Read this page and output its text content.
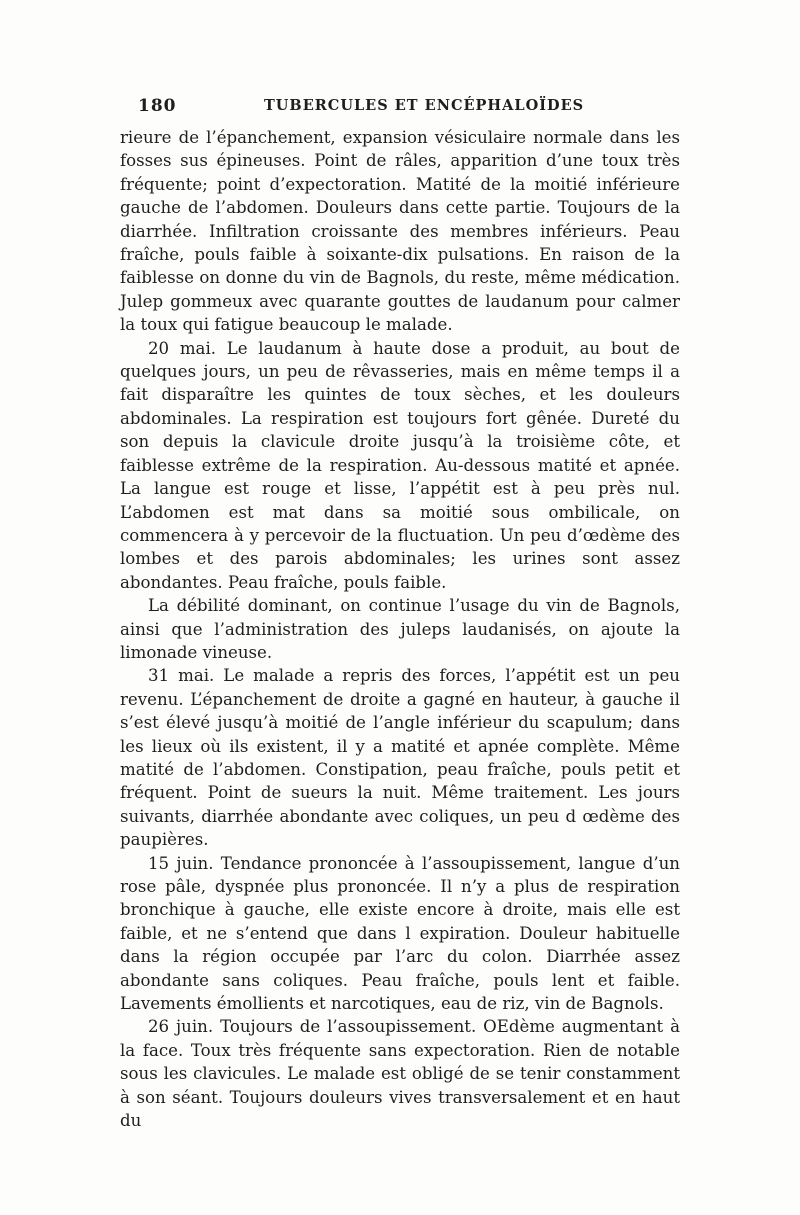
180	TUBERCULES ET ENCÉPHALOÏDES

rieure de l’épanchement, expansion vésiculaire normale dans les fosses sus épineuses. Point de râles, apparition d’une toux très fréquente; point d’expectoration. Matité de la moitié inférieure gauche de l’abdomen. Douleurs dans cette partie. Toujours de la diarrhée. Infiltration croissante des membres inférieurs. Peau fraîche, pouls faible à soixante-dix pulsations. En raison de la faiblesse on donne du vin de Bagnols, du reste, même médication. Julep gommeux avec quarante gouttes de laudanum pour calmer la toux qui fatigue beaucoup le malade.

20 mai. Le laudanum à haute dose a produit, au bout de quelques jours, un peu de rêvasseries, mais en même temps il a fait disparaître les quintes de toux sèches, et les douleurs abdominales. La respiration est toujours fort gênée. Dureté du son depuis la clavicule droite jusqu’à la troisième côte, et faiblesse extrême de la respiration. Au-dessous matité et apnée. La langue est rouge et lisse, l’appétit est à peu près nul. L’abdomen est mat dans sa moitié sous ombilicale, on commencera à y percevoir de la fluctuation. Un peu d’œdème des lombes et des parois abdominales; les urines sont assez abondantes. Peau fraîche, pouls faible.

La débilité dominant, on continue l’usage du vin de Bagnols, ainsi que l’administration des juleps laudanisés, on ajoute la limonade vineuse.

31 mai. Le malade a repris des forces, l’appétit est un peu revenu. L’épanchement de droite a gagné en hauteur, à gauche il s’est élevé jusqu’à moitié de l’angle inférieur du scapulum; dans les lieux où ils existent, il y a matité et apnée complète. Même matité de l’abdomen. Constipation, peau fraîche, pouls petit et fréquent. Point de sueurs la nuit. Même traitement. Les jours suivants, diarrhée abondante avec coliques, un peu d œdème des paupières.

15 juin. Tendance prononcée à l’assoupissement, langue d’un rose pâle, dyspnée plus prononcée. Il n’y a plus de respiration bronchique à gauche, elle existe encore à droite, mais elle est faible, et ne s’entend que dans l expiration. Douleur habituelle dans la région occupée par l’arc du colon. Diarrhée assez abondante sans coliques. Peau fraîche, pouls lent et faible. Lavements émollients et narcotiques, eau de riz, vin de Bagnols.

26 juin. Toujours de l’assoupissement. OEdème augmentant à la face. Toux très fréquente sans expectoration. Rien de notable sous les clavicules. Le malade est obligé de se tenir constamment à son séant. Toujours douleurs vives transversalement et en haut du
